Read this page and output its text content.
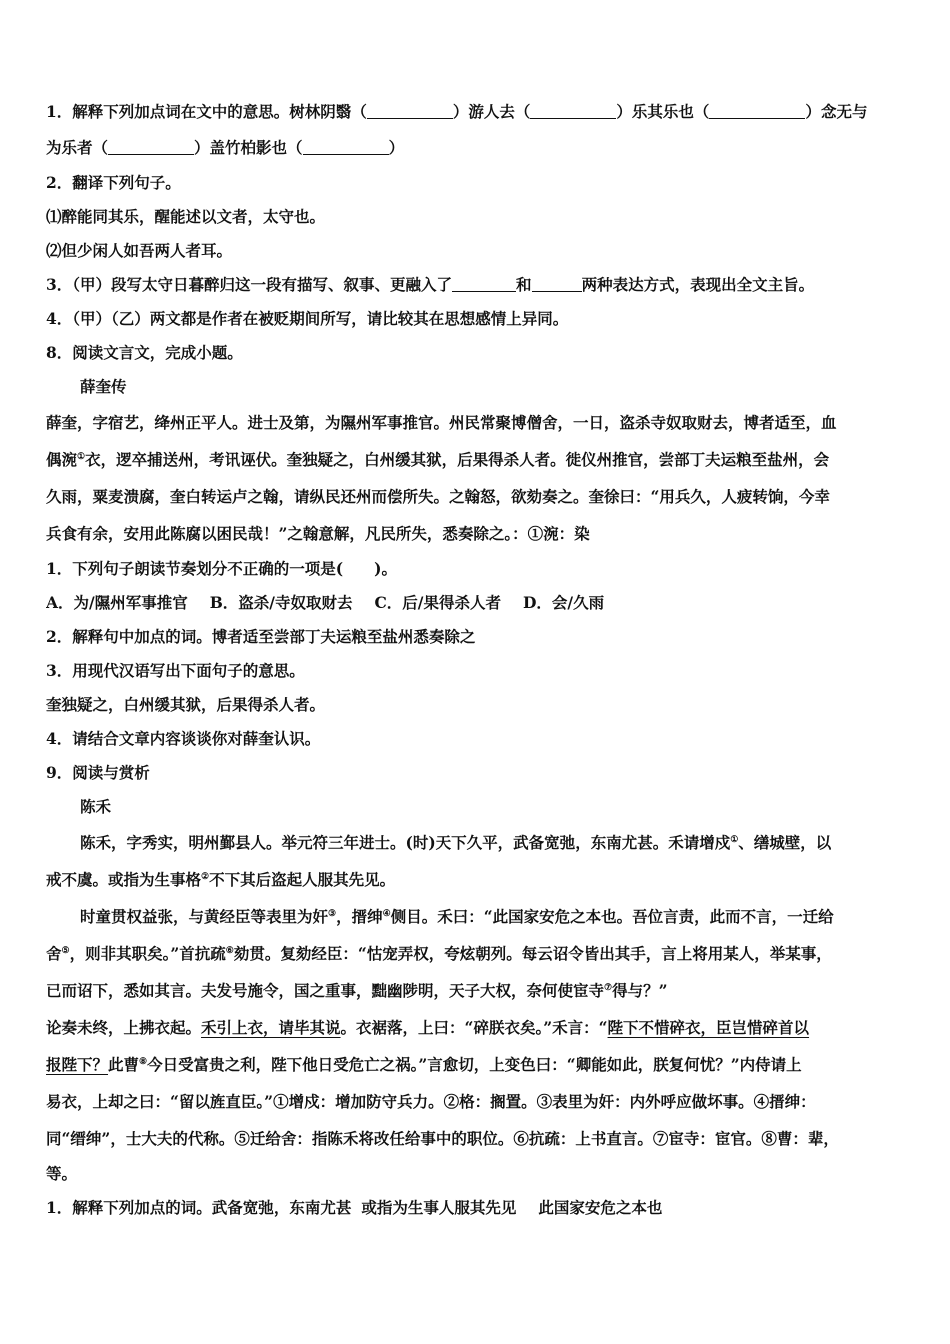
1．解释下列加点词在文中的意思。树林阴翳（	）游人去（	）乐其乐也（	）念无与
为乐者（	）盖竹柏影也（	）
2．翻译下列句子。
⑴醉能同其乐，醒能述以文者，太守也。
⑵但少闲人如吾两人者耳。
3．（甲）段写太守日暮醉归这一段有描写、叙事、更融入了	和	两种表达方式，表现出全文主旨。
4．（甲）（乙）两文都是作者在被贬期间所写，请比较其在思想感情上异同。
8．阅读文言文，完成小题。
薛奎传
薛奎，字宿艺，绛州正平人。进士及第，为隰州军事推官。州民常聚博僧舍，一日，盗杀寺奴取财去，博者适至，血
偶涴①衣，逻卒捕送州，考讯诬伏。奎独疑之，白州缓其狱，后果得杀人者。徙仪州推官，尝部丁夫运粮至盐州，会
久雨，粟麦溃腐，奎白转运卢之翰，请纵民还州而偿所失。之翰怒，欲劾奏之。奎徐曰：“用兵久，人疲转饷，今幸
兵食有余，安用此陈腐以困民哉！”之翰意解，凡民所失，悉奏除之。：①涴：染
1．下列句子朗读节奏划分不正确的一项是(　　)。
A．为/隰州军事推官 B．盗杀/寺奴取财去 C．后/果得杀人者 D．会/久雨
2．解释句中加点的词。博者适至尝部丁夫运粮至盐州悉奏除之
3．用现代汉语写出下面句子的意思。
奎独疑之，白州缓其狱，后果得杀人者。
4．请结合文章内容谈谈你对薛奎认识。
9．阅读与赏析
陈禾
陈禾，字秀实，明州鄞县人。举元符三年进士。(时)天下久平，武备宽弛，东南尤甚。禾请增戍①、缮城壁，以
戒不虞。或指为生事格②不下其后盗起人服其先见。
时童贯权益张，与黄经臣等表里为奸③，搢绅④侧目。禾曰：“此国家安危之本也。吾位言责，此而不言，一迁给
舍⑤，则非其职矣。”首抗疏⑥劾贯。复劾经臣：“怙宠弄权，夸炫朝列。每云诏令皆出其手，言上将用某人，举某事，
已而诏下，悉如其言。夫发号施令，国之重事，黜幽陟明，天子大权，奈何使宦寺⑦得与？”
论奏未终，上拂衣起。禾引上衣，请毕其说。衣裾落，上曰：“碎朕衣矣。”禾言：“陛下不惜碎衣，臣岂惜碎首以
报陛下？此曹⑧今日受富贵之利，陛下他日受危亡之祸。”言愈切，上变色曰：“卿能如此，朕复何忧？”内侍请上
易衣，上却之曰：“留以旌直臣。”①增戍：增加防守兵力。②格：搁置。③表里为奸：内外呼应做坏事。④搢绅：
同“缙绅”，士大夫的代称。⑤迁给舍：指陈禾将改任给事中的职位。⑥抗疏：上书直言。⑦宦寺：宦官。⑧曹：辈，
等。
1．解释下列加点的词。武备宽弛，东南尤甚 或指为生事人服其先见 此国家安危之本也
